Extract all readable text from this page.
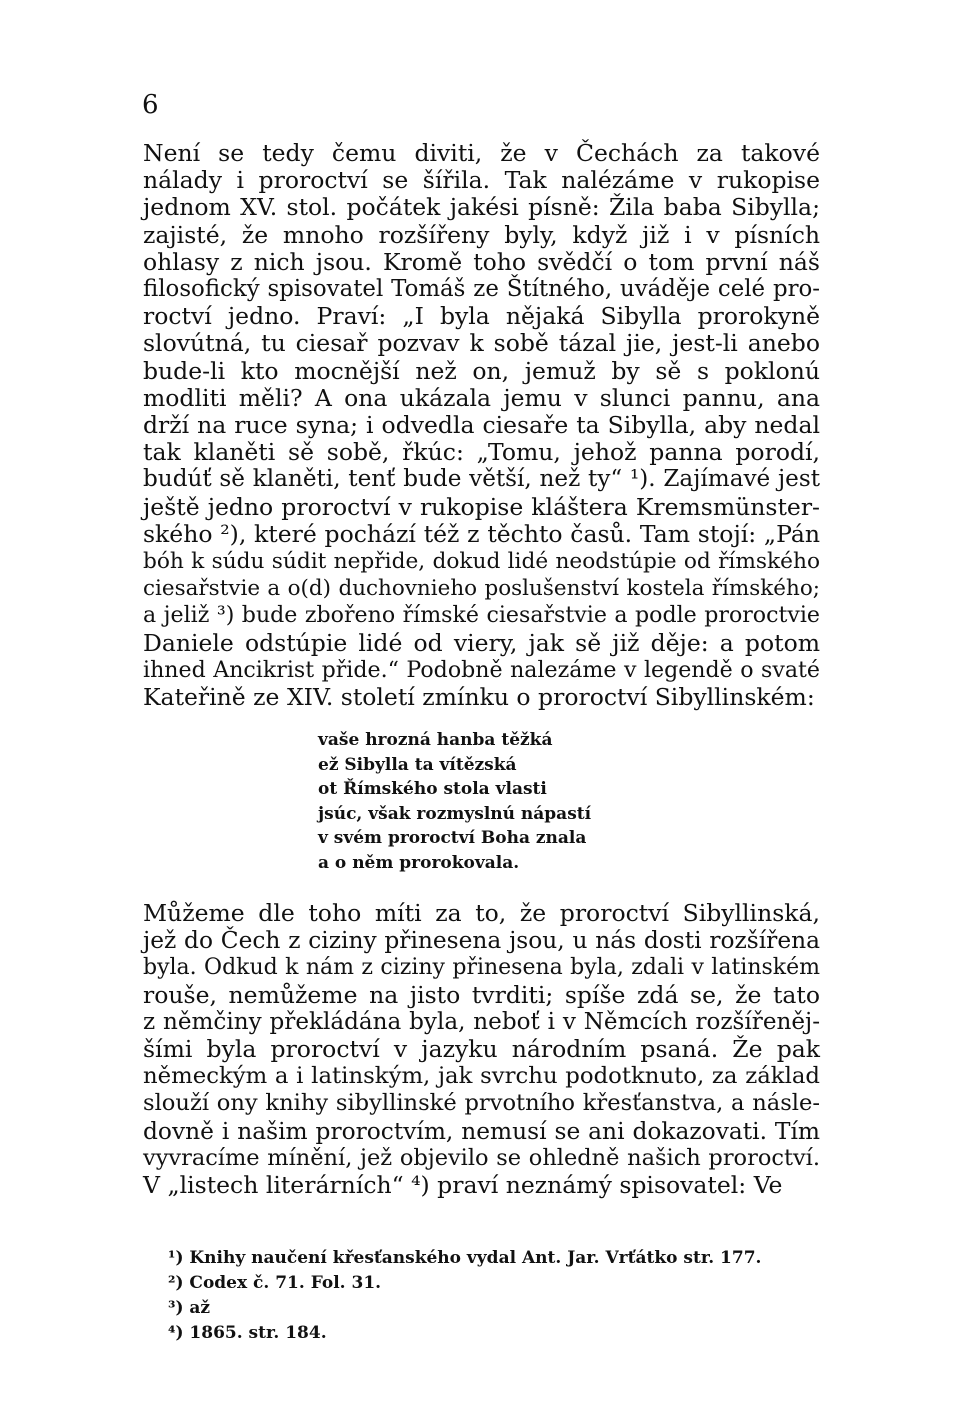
6
Není se tedy čemu diviti, že v Čechách za takové
nálady i proroctví se šířila. Tak nalézáme v rukopise
jednom XV. stol. počátek jakési písně: Žila baba Sibylla;
zajisté, že mnoho rozšířeny byly, když již i v písních
ohlasy z nich jsou. Kromě toho svědčí o tom první náš
filosofický spisovatel Tomáš ze Štítného, uváděje celé pro-
roctví jedno. Praví: „I byla nějaká Sibylla prorokyně
slovútná, tu ciesař pozvav k sobě tázal jie, jest-li anebo
bude-li kto mocnější než on, jemuž by sě s poklonú
modliti měli? A ona ukázala jemu v slunci pannu, ana
drží na ruce syna; i odvedla ciesaře ta Sibylla, aby nedal
tak klaněti sě sobě, řkúc: „Tomu, jehož panna porodí,
budúť sě klaněti, tenť bude větší, než ty“ ¹). Zajímavé jest
ještě jedno proroctví v rukopise kláštera Kremsmünster-
ského ²), které pochází též z těchto časů. Tam stojí: „Pán
bóh k súdu súdit nepřide, dokud lidé neodstúpie od římského
ciesařstvie a o(d) duchovnieho poslušenství kostela římského;
a jeliž ³) bude zbořeno římské ciesařstvie a podle proroctvie
Daniele odstúpie lidé od viery, jak sě již děje: a potom
ihned Ancikrist přide.“ Podobně nalezáme v legendě o svaté
Kateřině ze XIV. století zmínku o proroctví Sibyllinském:
vaše hrozná hanba těžká
ež Sibylla ta vítězská
ot Římského stola vlasti
jsúc, však rozmyslnú nápastí
v svém proroctví Boha znala
a o něm prorokovala.
Můžeme dle toho míti za to, že proroctví Sibyllinská,
jež do Čech z ciziny přinesena jsou, u nás dosti rozšířena
byla. Odkud k nám z ciziny přinesena byla, zdali v latinském
rouše, nemůžeme na jisto tvrditi; spíše zdá se, že tato
z němčiny překládána byla, neboť i v Němcích rozšířeněj-
šími byla proroctví v jazyku národním psaná. Že pak
německým a i latinským, jak svrchu podotknuto, za základ
slouží ony knihy sibyllinské prvotního křesťanstva, a násle-
dovně i našim proroctvím, nemusí se ani dokazovati. Tím
vyvracíme mínění, jež objevilo se ohledně našich proroctví.
V „listech literárních“ ⁴) praví neznámý spisovatel: Ve
¹) Knihy naučení křesťanského vydal Ant. Jar. Vrťátko str. 177.
²) Codex č. 71. Fol. 31.
³) až
⁴) 1865. str. 184.
